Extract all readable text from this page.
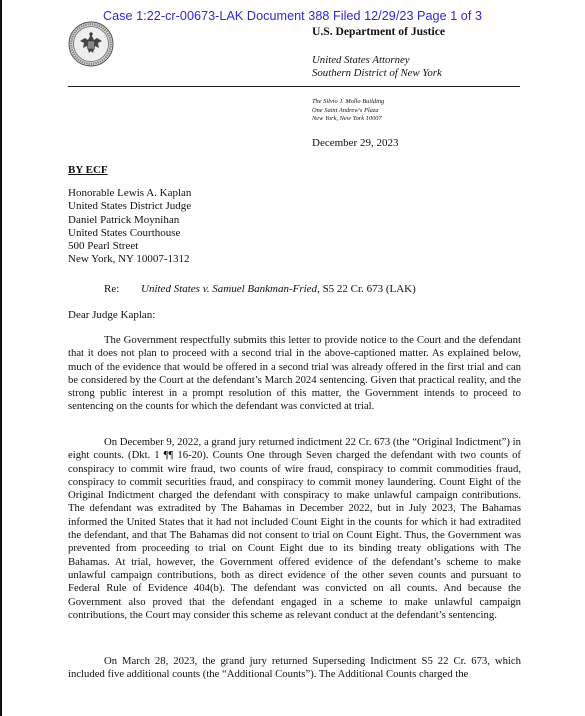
Case 1:22-cr-00673-LAK Document 388 Filed 12/29/23 Page 1 of 3
U.S. Department of Justice
United States Attorney
Southern District of New York
The Silvio J. Mollo Building
One Saint Andrew's Plaza
New York, New York 10007
December 29, 2023
BY ECF
Honorable Lewis A. Kaplan
United States District Judge
Daniel Patrick Moynihan
United States Courthouse
500 Pearl Street
New York, NY 10007-1312
Re: United States v. Samuel Bankman-Fried, S5 22 Cr. 673 (LAK)
Dear Judge Kaplan:

The Government respectfully submits this letter to provide notice to the Court and the defendant that it does not plan to proceed with a second trial in the above-captioned matter. As explained below, much of the evidence that would be offered in a second trial was already offered in the first trial and can be considered by the Court at the defendant’s March 2024 sentencing. Given that practical reality, and the strong public interest in a prompt resolution of this matter, the Government intends to proceed to sentencing on the counts for which the defendant was convicted at trial.

On December 9, 2022, a grand jury returned indictment 22 Cr. 673 (the “Original Indictment”) in eight counts. (Dkt. 1 ¶¶ 16-20). Counts One through Seven charged the defendant with two counts of conspiracy to commit wire fraud, two counts of wire fraud, conspiracy to commit commodities fraud, conspiracy to commit securities fraud, and conspiracy to commit money laundering. Count Eight of the Original Indictment charged the defendant with conspiracy to make unlawful campaign contributions. The defendant was extradited by The Bahamas in December 2022, but in July 2023, The Bahamas informed the United States that it had not included Count Eight in the counts for which it had extradited the defendant, and that The Bahamas did not consent to trial on Count Eight. Thus, the Government was prevented from proceeding to trial on Count Eight due to its binding treaty obligations with The Bahamas. At trial, however, the Government offered evidence of the defendant’s scheme to make unlawful campaign contributions, both as direct evidence of the other seven counts and pursuant to Federal Rule of Evidence 404(b). The defendant was convicted on all counts. And because the Government also proved that the defendant engaged in a scheme to make unlawful campaign contributions, the Court may consider this scheme as relevant conduct at the defendant’s sentencing.

On March 28, 2023, the grand jury returned Superseding Indictment S5 22 Cr. 673, which included five additional counts (the “Additional Counts”). The Additional Counts charged the
